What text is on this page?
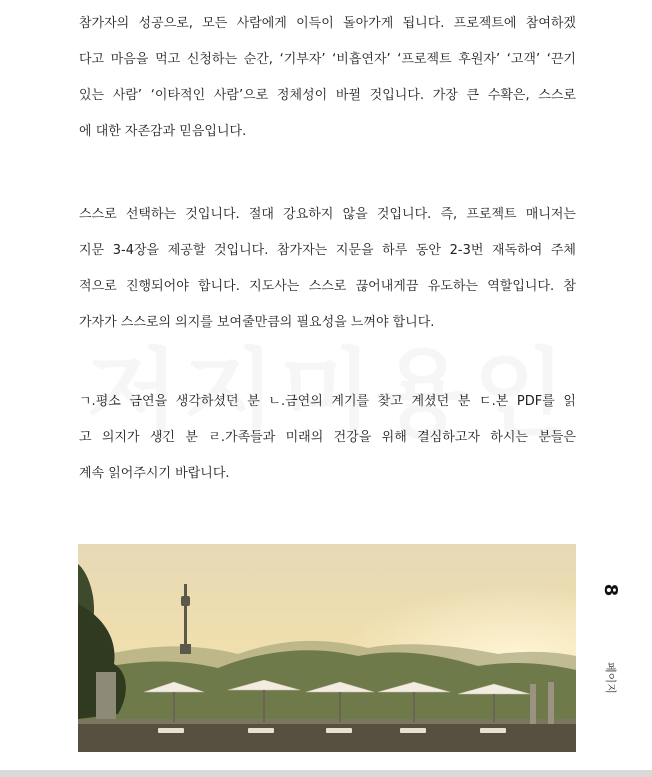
참가자의 성공으로, 모든 사람에게 이득이 돌아가게 됩니다. 프로젝트에 참여하겠
다고 마음을 먹고 신청하는 순간, ‘기부자’ ‘비흡연자’ ‘프로젝트 후원자’ ‘고객’ ‘끈기
있는 사람’ ‘이타적인 사람’으로 정체성이 바뀔 것입니다. 가장 큰 수확은, 스스로
에 대한 자존감과 믿음입니다.
스스로 선택하는 것입니다. 절대 강요하지 않을 것입니다. 즉, 프로젝트 매니저는
지문 3-4장을 제공할 것입니다. 참가자는 지문을 하루 동안 2-3번 재독하여 주체
적으로 진행되어야 합니다. 지도사는 스스로 끊어내게끔 유도하는 역할입니다. 참
가자가 스스로의 의지를 보여줄만큼의 필요성을 느껴야 합니다.
ㄱ.평소 금연을 생각하셨던 분 ㄴ.금연의 계기를 찾고 계셨던 분 ㄷ.본 PDF를 읽
고 의지가 생긴 분 ㄹ.가족들과 미래의 건강을 위해 결심하고자 하시는 분들은
계속 읽어주시기 바랍니다.
8
페이지
